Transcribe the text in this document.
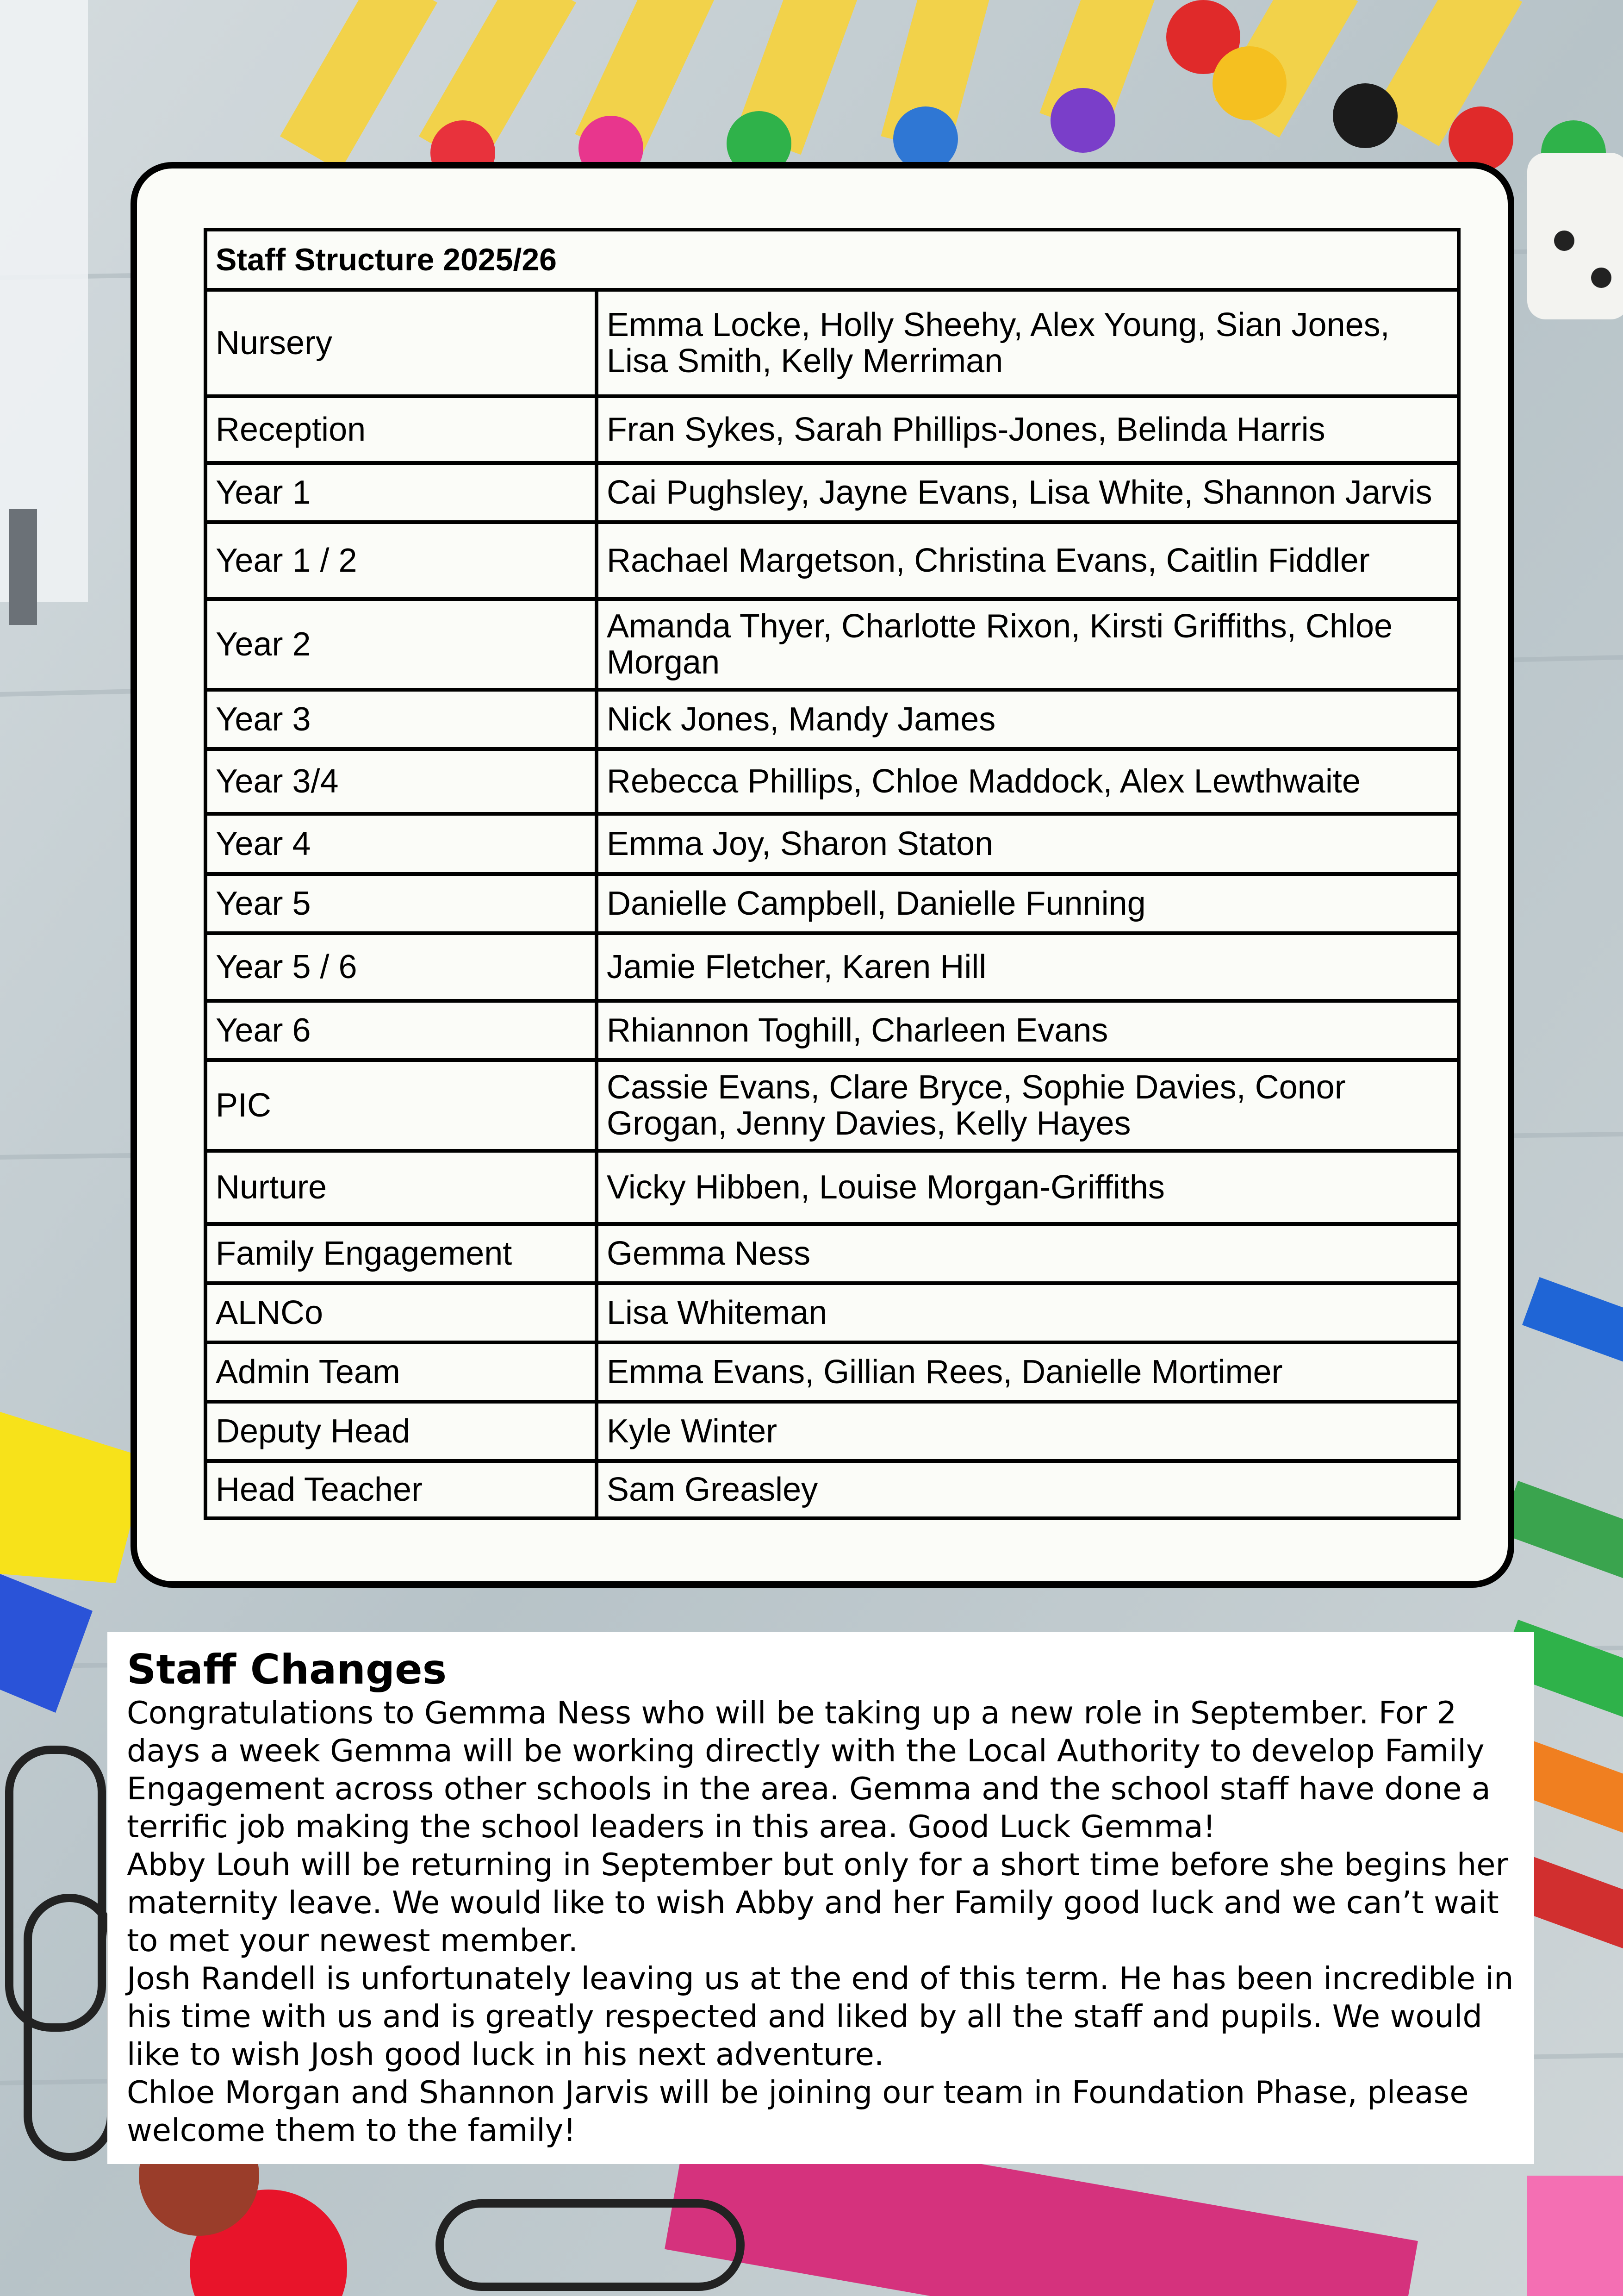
Staff Structure 2025/26	
Nursery	Emma Locke, Holly Sheehy, Alex Young, Sian Jones, Lisa Smith, Kelly Merriman
Reception	Fran Sykes, Sarah Phillips-Jones, Belinda Harris
Year 1	Cai Pughsley, Jayne Evans, Lisa White, Shannon Jarvis
Year 1 / 2	Rachael Margetson, Christina Evans, Caitlin Fiddler
Year 2	Amanda Thyer, Charlotte Rixon, Kirsti Griffiths, Chloe Morgan
Year 3	Nick Jones, Mandy James
Year 3/4	Rebecca Phillips, Chloe Maddock, Alex Lewthwaite
Year 4	Emma Joy, Sharon Staton
Year 5	Danielle Campbell, Danielle Funning
Year 5 / 6	Jamie Fletcher, Karen Hill
Year 6	Rhiannon Toghill, Charleen Evans
PIC	Cassie Evans, Clare Bryce, Sophie Davies, Conor Grogan, Jenny Davies, Kelly Hayes
Nurture	Vicky Hibben, Louise Morgan-Griffiths
Family Engagement	Gemma Ness
ALNCo	Lisa Whiteman
Admin Team	Emma Evans, Gillian Rees, Danielle Mortimer
Deputy Head	Kyle Winter
Head Teacher	Sam Greasley
Staff Changes

Congratulations to Gemma Ness who will be taking up a new role in September. For 2 days a week Gemma will be working directly with the Local Authority to develop Family Engagement across other schools in the area. Gemma and the school staff have done a terrific job making the school leaders in this area. Good Luck Gemma!

Abby Louh will be returning in September but only for a short time before she begins her maternity leave. We would like to wish Abby and her Family good luck and we can’t wait to met your newest member.

Josh Randell is unfortunately leaving us at the end of this term. He has been incredible in his time with us and is greatly respected and liked by all the staff and pupils. We would like to wish Josh good luck in his next adventure.

Chloe Morgan and Shannon Jarvis will be joining our team in Foundation Phase, please welcome them to the family!
